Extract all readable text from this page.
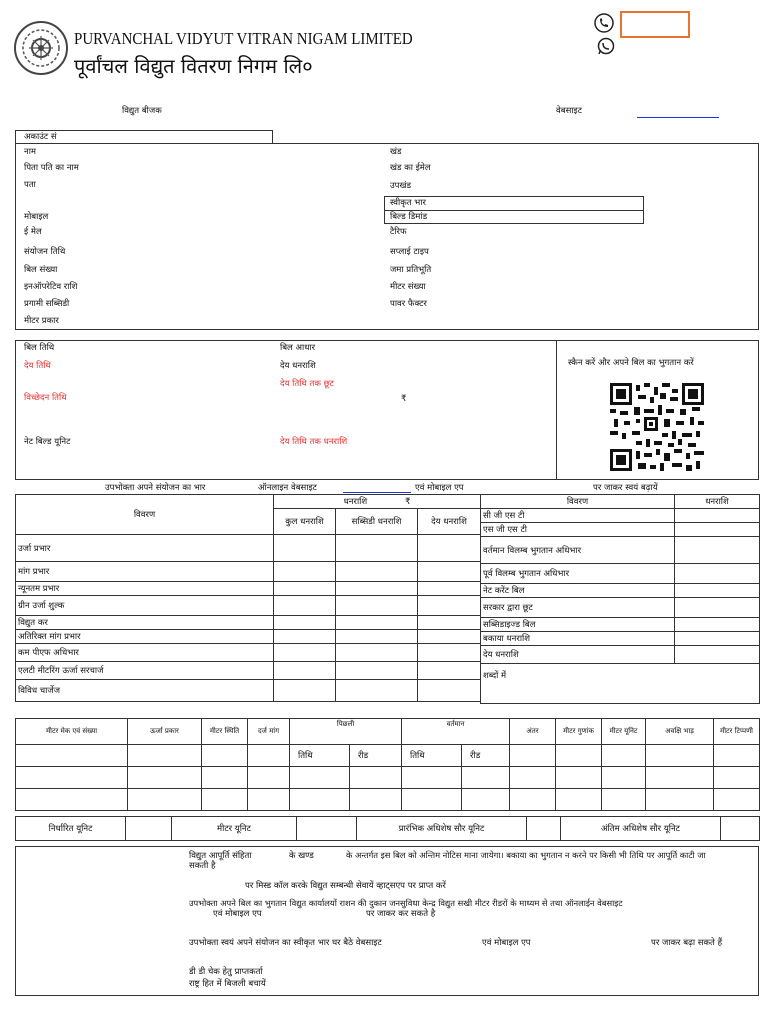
PURVANCHAL VIDYUT VITRAN NIGAM LIMITED
पूर्वांचल विद्युत वितरण निगम लि०
विद्युत बीजक	वेबसाइट
अकाउंट सं
नाम
पिता पति का नाम
पता
मोबाइल
ई मेल
संयोजन तिथि
बिल संख्या
इनऑपरेटिव राशि
प्रगामी सब्सिडी
मीटर प्रकार
खंड
खंड का ईमेल
उपखंड
स्वीकृत भार
बिल्ड डिमांड
टैरिफ
सप्लाई टाइप
जमा प्रतिभूति
मीटर संख्या
पावर फैक्टर
बिल तिथि
देय तिथि
विच्छेदन तिथि
नेट बिल्ड यूनिट
बिल आधार
देय धनराशि
देय तिथि तक छूट
₹
देय तिथि तक धनराशि
स्कैन करें और अपने बिल का भुगतान करें
उपभोक्ता अपने संयोजन का भार	ऑनलाइन वेबसाइट	एवं मोबाइल एप	पर जाकर स्वयं बढ़ायें
विवरण	धनराशि ₹		
	कुल धनराशि	सब्सिडी धनराशि	देय धनराशि
उर्जा प्रभार			
मांग प्रभार			
न्यूनतम प्रभार			
ग्रीन उर्जा शुल्क			
विद्युत कर			
अतिरिक्त मांग प्रभार			
कम पीएफ अधिभार			
एलटी मीटरिंग ऊर्जा सरचार्ज			
विविध चार्जेज			
विवरण	धनराशि
सी जी एस टी	
एस जी एस टी	
वर्तमान विलम्ब भुगतान अधिभार	
पूर्व विलम्ब भुगतान अधिभार	
नेट करेंट बिल	
सरकार द्वारा छूट	
सब्सिडाइज्ड बिल	
बकाया धनराशि	
देय धनराशि	
शब्दों में	
मीटर मेक एवं संख्या	ऊर्जा प्रकार	मीटर स्थिति	दर्ज मांग	पिछली		वर्तमान		अंतर	मीटर गुणांक	मीटर यूनिट	अवक्षि भाड़	मीटर टिप्पणी
				तिथि	रीड	तिथि	रीड					

निर्धारित यूनिट		मीटर यूनिट		प्रारंभिक अधिशेष सौर यूनिट		अंतिम अधिशेष सौर यूनिट	
विद्युत आपूर्ति संहिता	के खण्ड	के अन्तर्गत इस बिल को अन्तिम नोटिस माना जायेगा। बकाया का भुगतान न करने पर किसी भी तिथि पर आपूर्ति काटी जा
सकती है
पर मिस्ड कॉल करके विद्युत सम्बन्धी सेवायें व्हाट्सएप पर प्राप्त करें
उपभोक्ता अपने बिल का भुगतान विद्युत कार्यालयों राशन की दुकान जनसुविधा केन्द्र विद्युत सखी मीटर रीडरों के माध्यम से तथा ऑनलाईन वेबसाइट
एवं मोबाइल एप	पर जाकर कर सकते है
उपभोक्ता स्वयं अपने संयोजन का स्वीकृत भार घर बैठे वेबसाइट	एवं मोबाइल एप	पर जाकर बढ़ा सकते हैं
डी डी चेक हेतु प्राप्तकर्ता
राष्ट्र हित में बिजली बचायें
